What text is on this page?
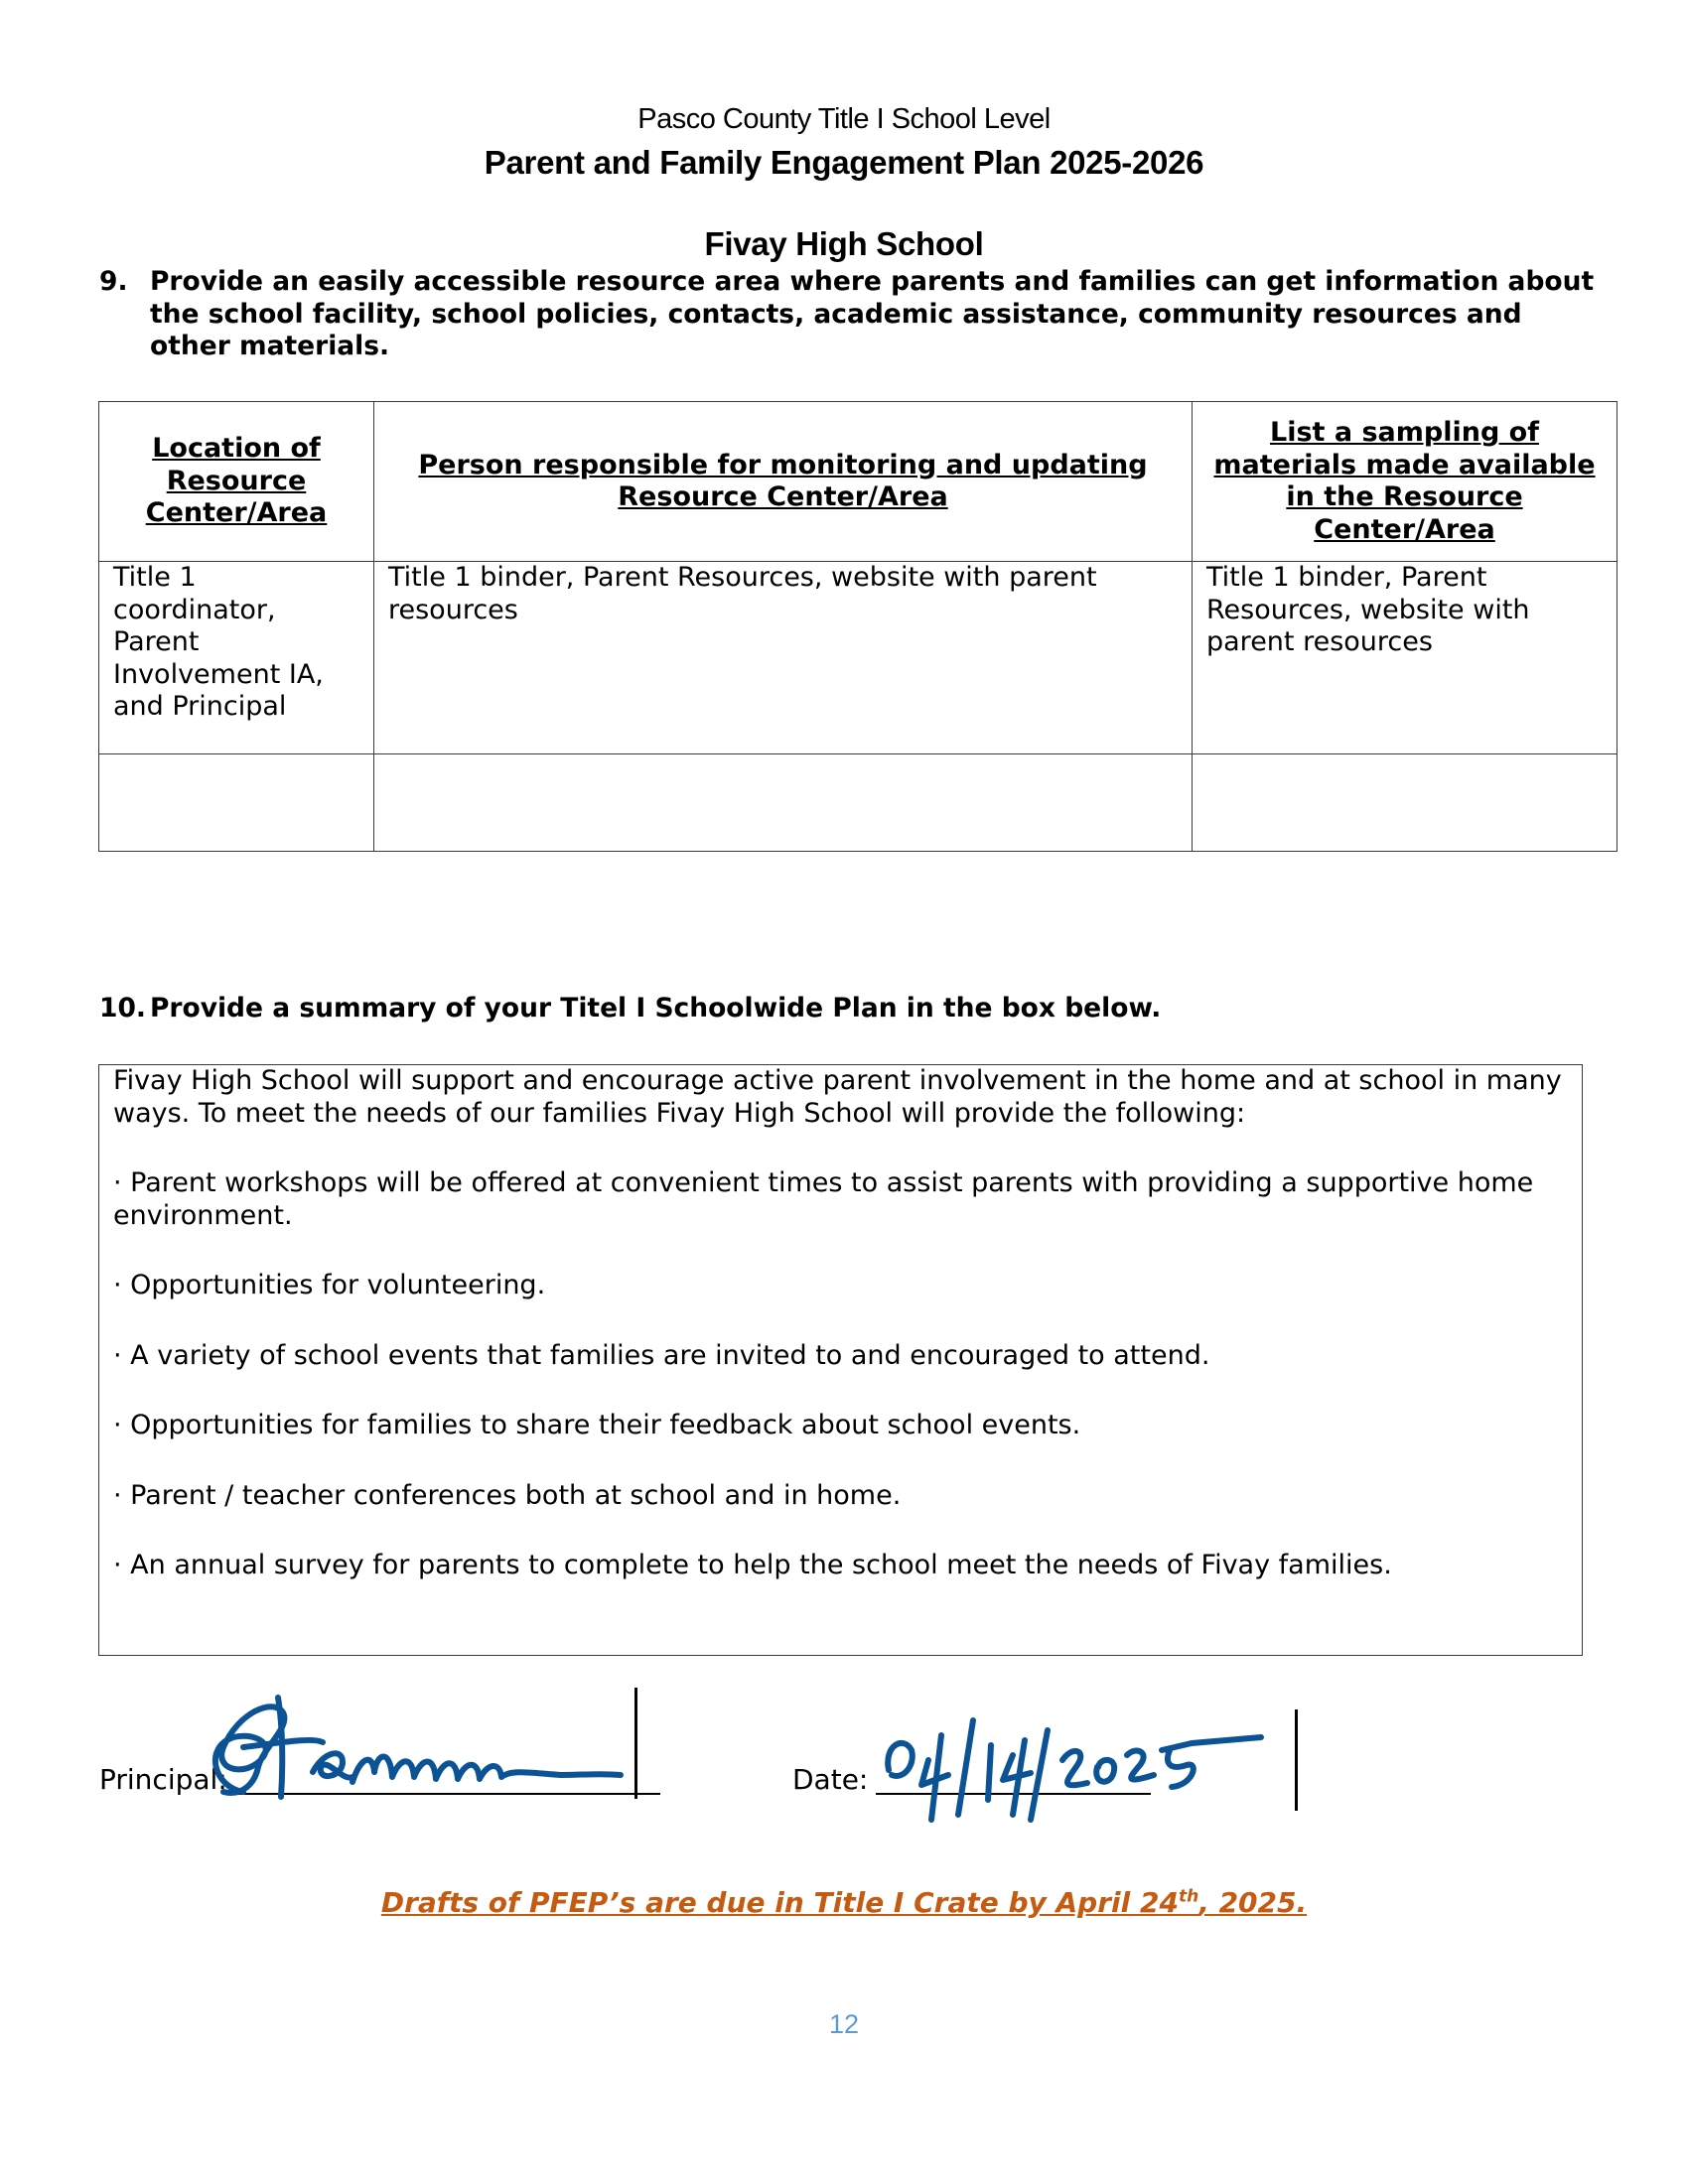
Pasco County Title I School Level
Parent and Family Engagement Plan 2025-2026
Fivay High School
9. Provide an easily accessible resource area where parents and families can get information about the school facility, school policies, contacts, academic assistance, community resources and other materials.
Location of Resource Center/Area	Person responsible for monitoring and updating Resource Center/Area	List a sampling of materials made available in the Resource Center/Area

Title 1 coordinator, Parent Involvement IA, and Principal	Title 1 binder, Parent Resources, website with parent resources	Title 1 binder, Parent Resources, website with parent resources

10. Provide a summary of your Titel I Schoolwide Plan in the box below.

Fivay High School will support and encourage active parent involvement in the home and at school in many ways. To meet the needs of our families Fivay High School will provide the following:

· Parent workshops will be offered at convenient times to assist parents with providing a supportive home environment.

· Opportunities for volunteering.

· A variety of school events that families are invited to and encouraged to attend.

· Opportunities for families to share their feedback about school events.

· Parent / teacher conferences both at school and in home.

· An annual survey for parents to complete to help the school meet the needs of Fivay families.

Principal:	Date:
Drafts of PFEP’s are due in Title I Crate by April 24th, 2025.
12
